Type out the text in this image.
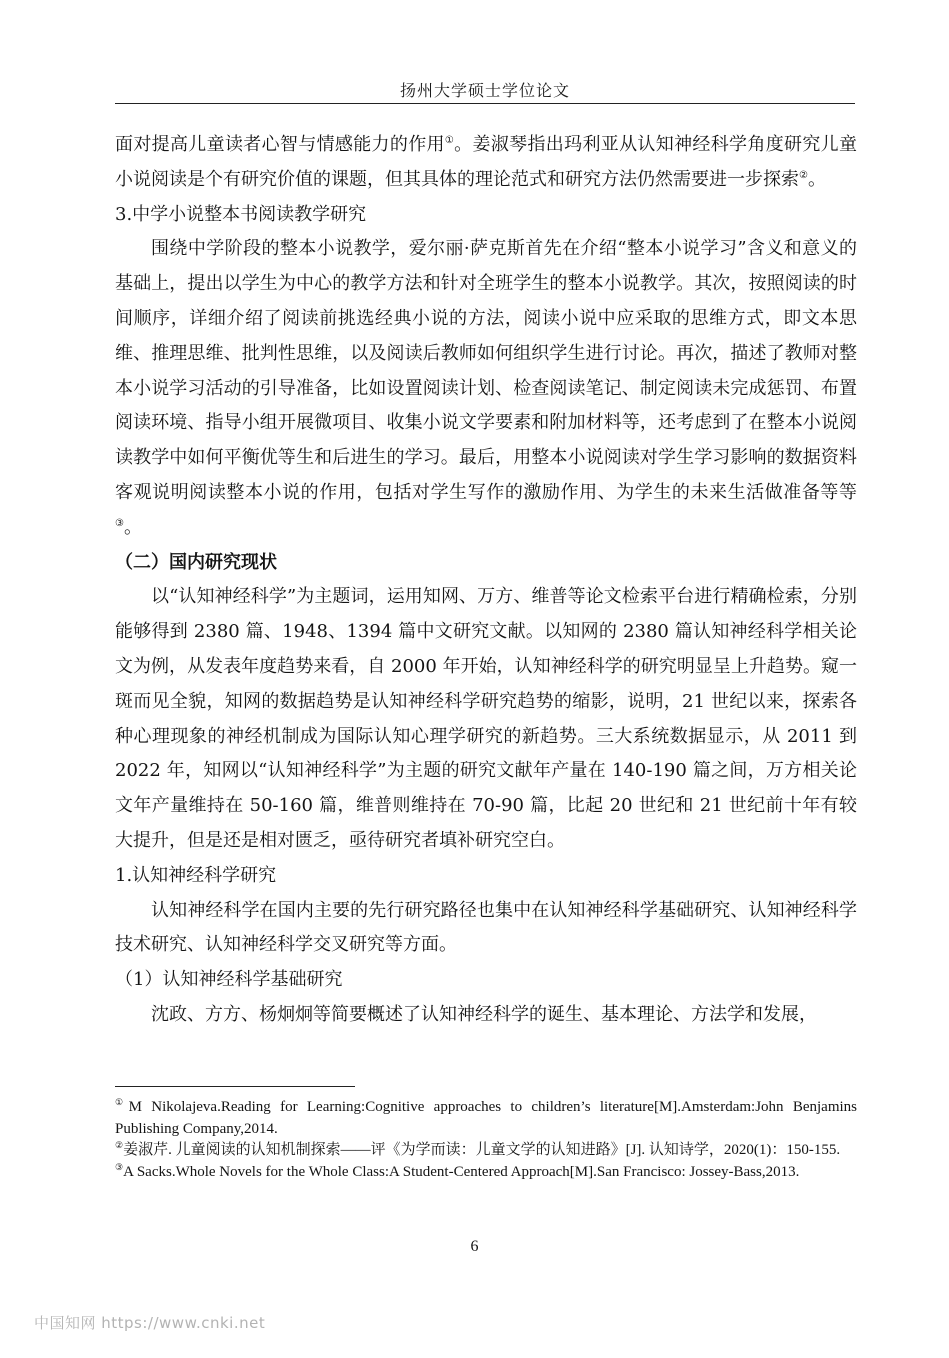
扬州大学硕士学位论文

面对提高儿童读者心智与情感能力的作用①。姜淑琴指出玛利亚从认知神经科学角度研究儿童小说阅读是个有研究价值的课题，但其具体的理论范式和研究方法仍然需要进一步探索②。

3.中学小说整本书阅读教学研究

围绕中学阶段的整本小说教学，爱尔丽·萨克斯首先在介绍“整本小说学习”含义和意义的基础上，提出以学生为中心的教学方法和针对全班学生的整本小说教学。其次，按照阅读的时间顺序，详细介绍了阅读前挑选经典小说的方法，阅读小说中应采取的思维方式，即文本思维、推理思维、批判性思维，以及阅读后教师如何组织学生进行讨论。再次，描述了教师对整本小说学习活动的引导准备，比如设置阅读计划、检查阅读笔记、制定阅读未完成惩罚、布置阅读环境、指导小组开展微项目、收集小说文学要素和附加材料等，还考虑到了在整本小说阅读教学中如何平衡优等生和后进生的学习。最后，用整本小说阅读对学生学习影响的数据资料客观说明阅读整本小说的作用，包括对学生写作的激励作用、为学生的未来生活做准备等等③。

（二）国内研究现状

以“认知神经科学”为主题词，运用知网、万方、维普等论文检索平台进行精确检索，分别能够得到 2380 篇、1948、1394 篇中文研究文献。以知网的 2380 篇认知神经科学相关论文为例，从发表年度趋势来看，自 2000 年开始，认知神经科学的研究明显呈上升趋势。窥一斑而见全貌，知网的数据趋势是认知神经科学研究趋势的缩影，说明，21 世纪以来，探索各种心理现象的神经机制成为国际认知心理学研究的新趋势。三大系统数据显示，从 2011 到 2022 年，知网以“认知神经科学”为主题的研究文献年产量在 140-190 篇之间，万方相关论文年产量维持在 50-160 篇，维普则维持在 70-90 篇，比起 20 世纪和 21 世纪前十年有较大提升，但是还是相对匮乏，亟待研究者填补研究空白。

1.认知神经科学研究

认知神经科学在国内主要的先行研究路径也集中在认知神经科学基础研究、认知神经科学技术研究、认知神经科学交叉研究等方面。

（1）认知神经科学基础研究

沈政、方方、杨炯炯等简要概述了认知神经科学的诞生、基本理论、方法学和发展，

①M Nikolajeva.Reading for Learning:Cognitive approaches to children’s literature[M].Amsterdam:John Benjamins Publishing Company,2014.

②姜淑芹. 儿童阅读的认知机制探索——评《为学而读：儿童文学的认知进路》[J]. 认知诗学，2020(1)：150-155.

③A Sacks.Whole Novels for the Whole Class:A Student-Centered Approach[M].San Francisco: Jossey-Bass,2013.

6
中国知网 https://www.cnki.net
